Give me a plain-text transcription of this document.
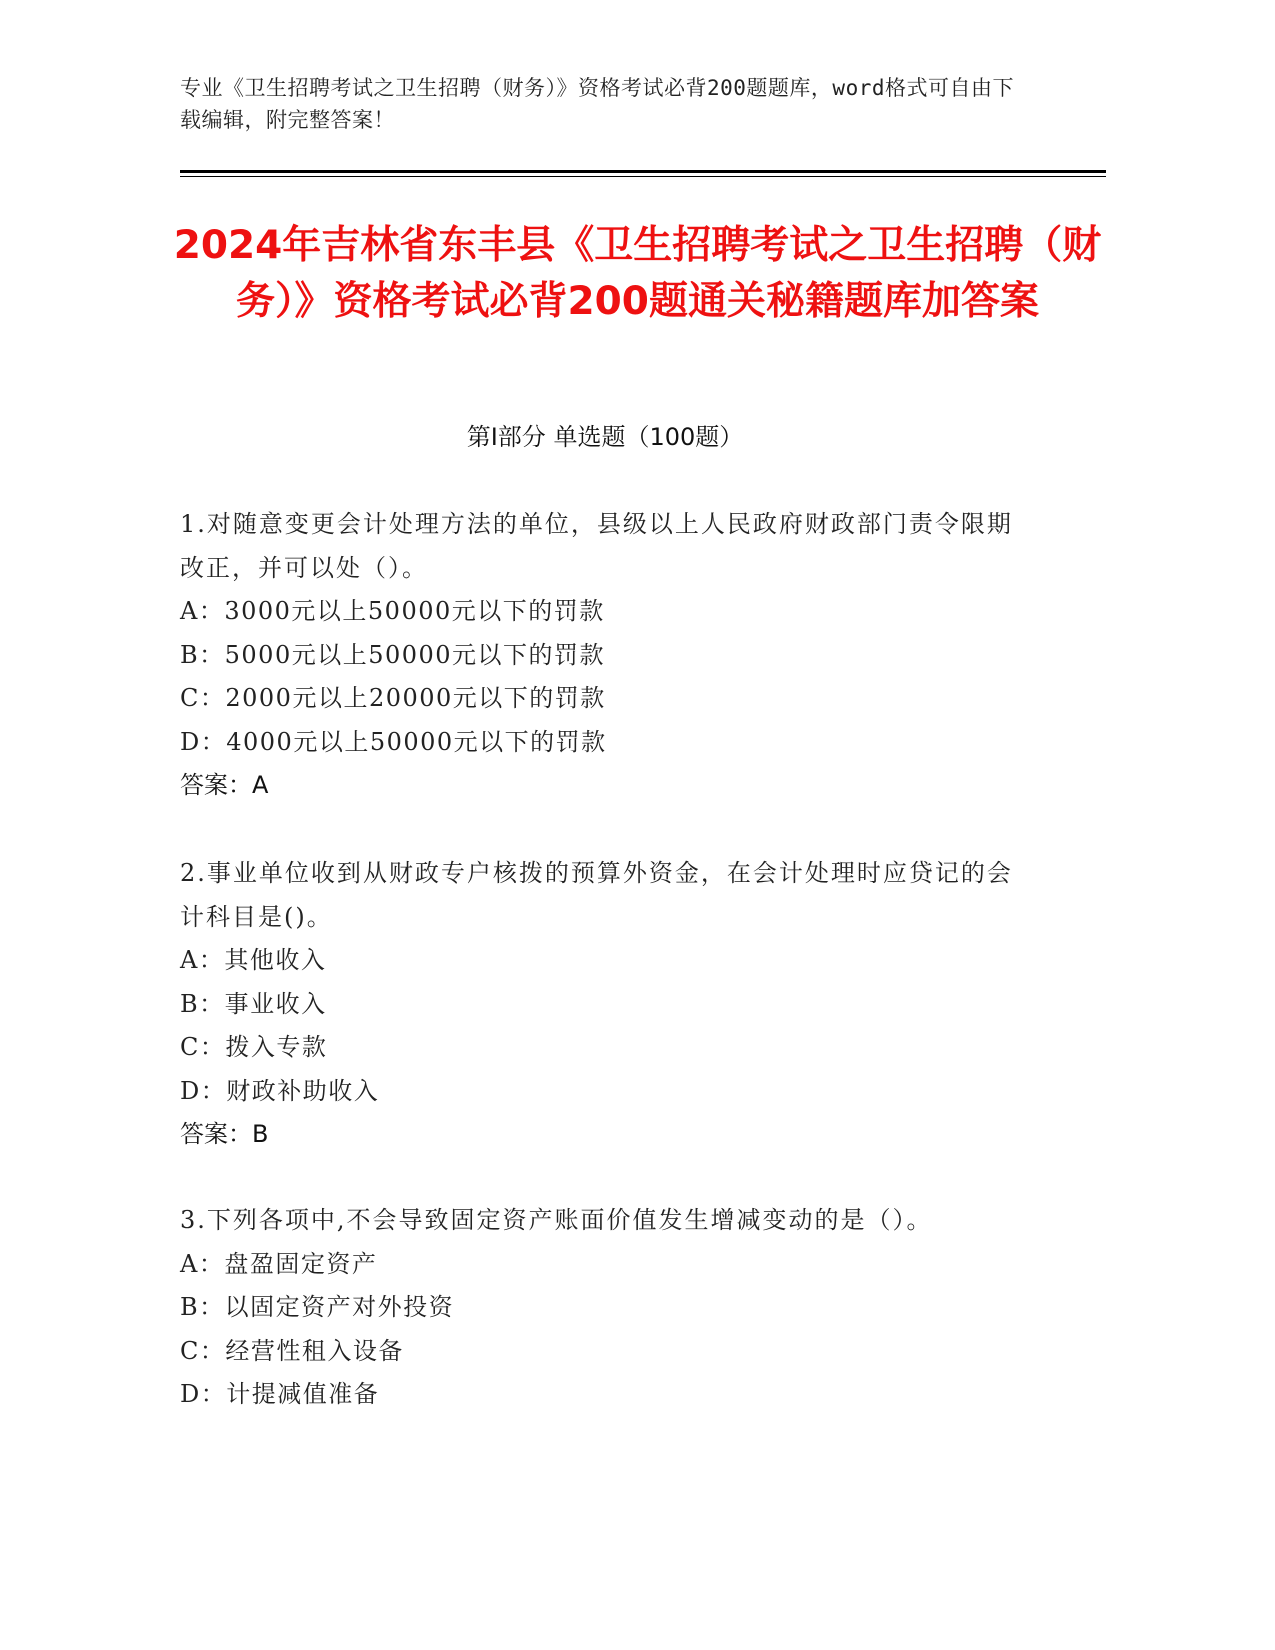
专业《卫生招聘考试之卫生招聘（财务）》资格考试必背200题题库，word格式可自由下载编辑，附完整答案！
2024年吉林省东丰县《卫生招聘考试之卫生招聘（财务）》资格考试必背200题通关秘籍题库加答案
第Ⅰ部分 单选题（100题）
1.对随意变更会计处理方法的单位，县级以上人民政府财政部门责令限期改正，并可以处（）。
A：3000元以上50000元以下的罚款
B：5000元以上50000元以下的罚款
C：2000元以上20000元以下的罚款
D：4000元以上50000元以下的罚款
答案：A
2.事业单位收到从财政专户核拨的预算外资金，在会计处理时应贷记的会计科目是()。
A：其他收入
B：事业收入
C：拨入专款
D：财政补助收入
答案：B
3.下列各项中,不会导致固定资产账面价值发生增减变动的是（）。
A：盘盈固定资产
B：以固定资产对外投资
C：经营性租入设备
D：计提减值准备
